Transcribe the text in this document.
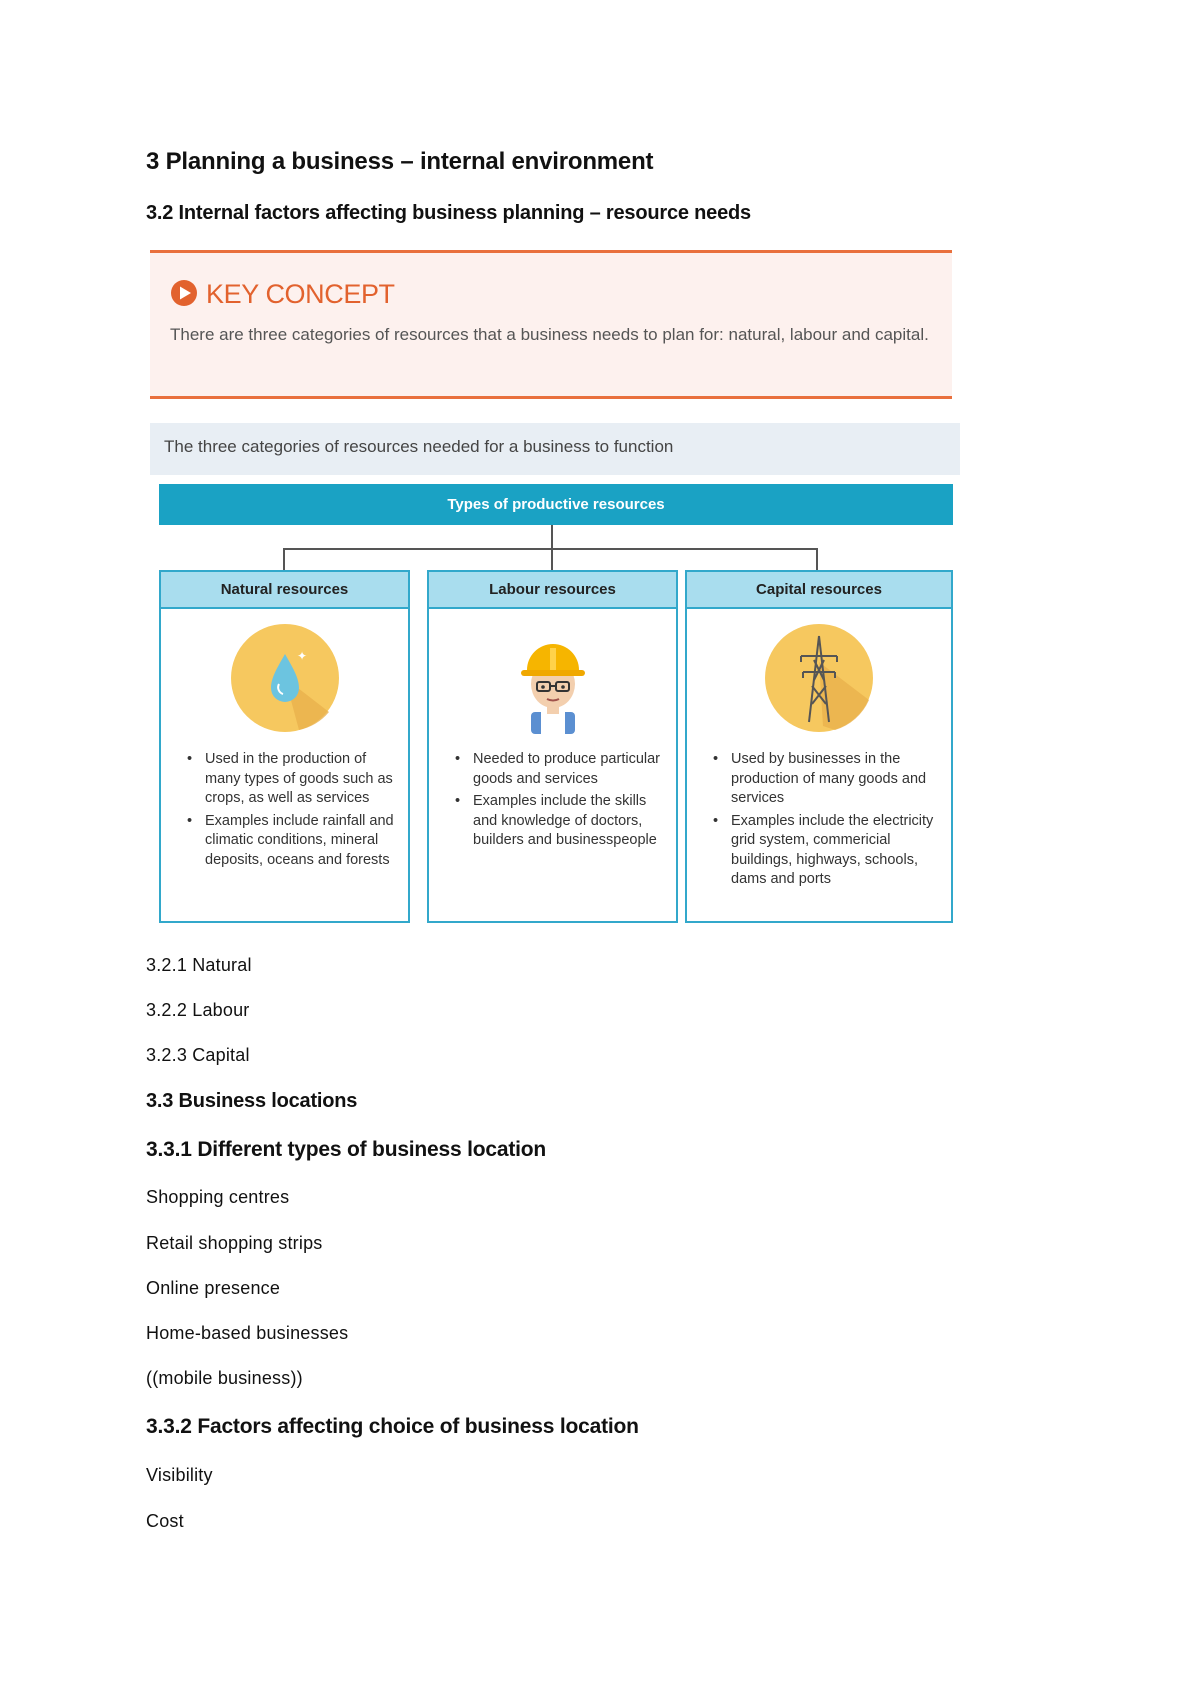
3 Planning a business – internal environment
3.2 Internal factors affecting business planning – resource needs
KEY CONCEPT
There are three categories of resources that a business needs to plan for: natural, labour and capital.
The three categories of resources needed for a business to function
Types of productive resources
Natural resources
✦
• Used in the production of many types of goods such as crops, as well as services
• Examples include rainfall and climatic conditions, mineral deposits, oceans and forests
Labour resources
• Needed to produce particular goods and services
• Examples include the skills and knowledge of doctors, builders and businesspeople
Capital resources
• Used by businesses in the production of many goods and services
• Examples include the electricity grid system, commericial buildings, highways, schools, dams and ports
3.2.1 Natural
3.2.2 Labour
3.2.3 Capital
3.3 Business locations
3.3.1 Different types of business location
Shopping centres
Retail shopping strips
Online presence
Home-based businesses
((mobile business))
3.3.2 Factors affecting choice of business location
Visibility
Cost
